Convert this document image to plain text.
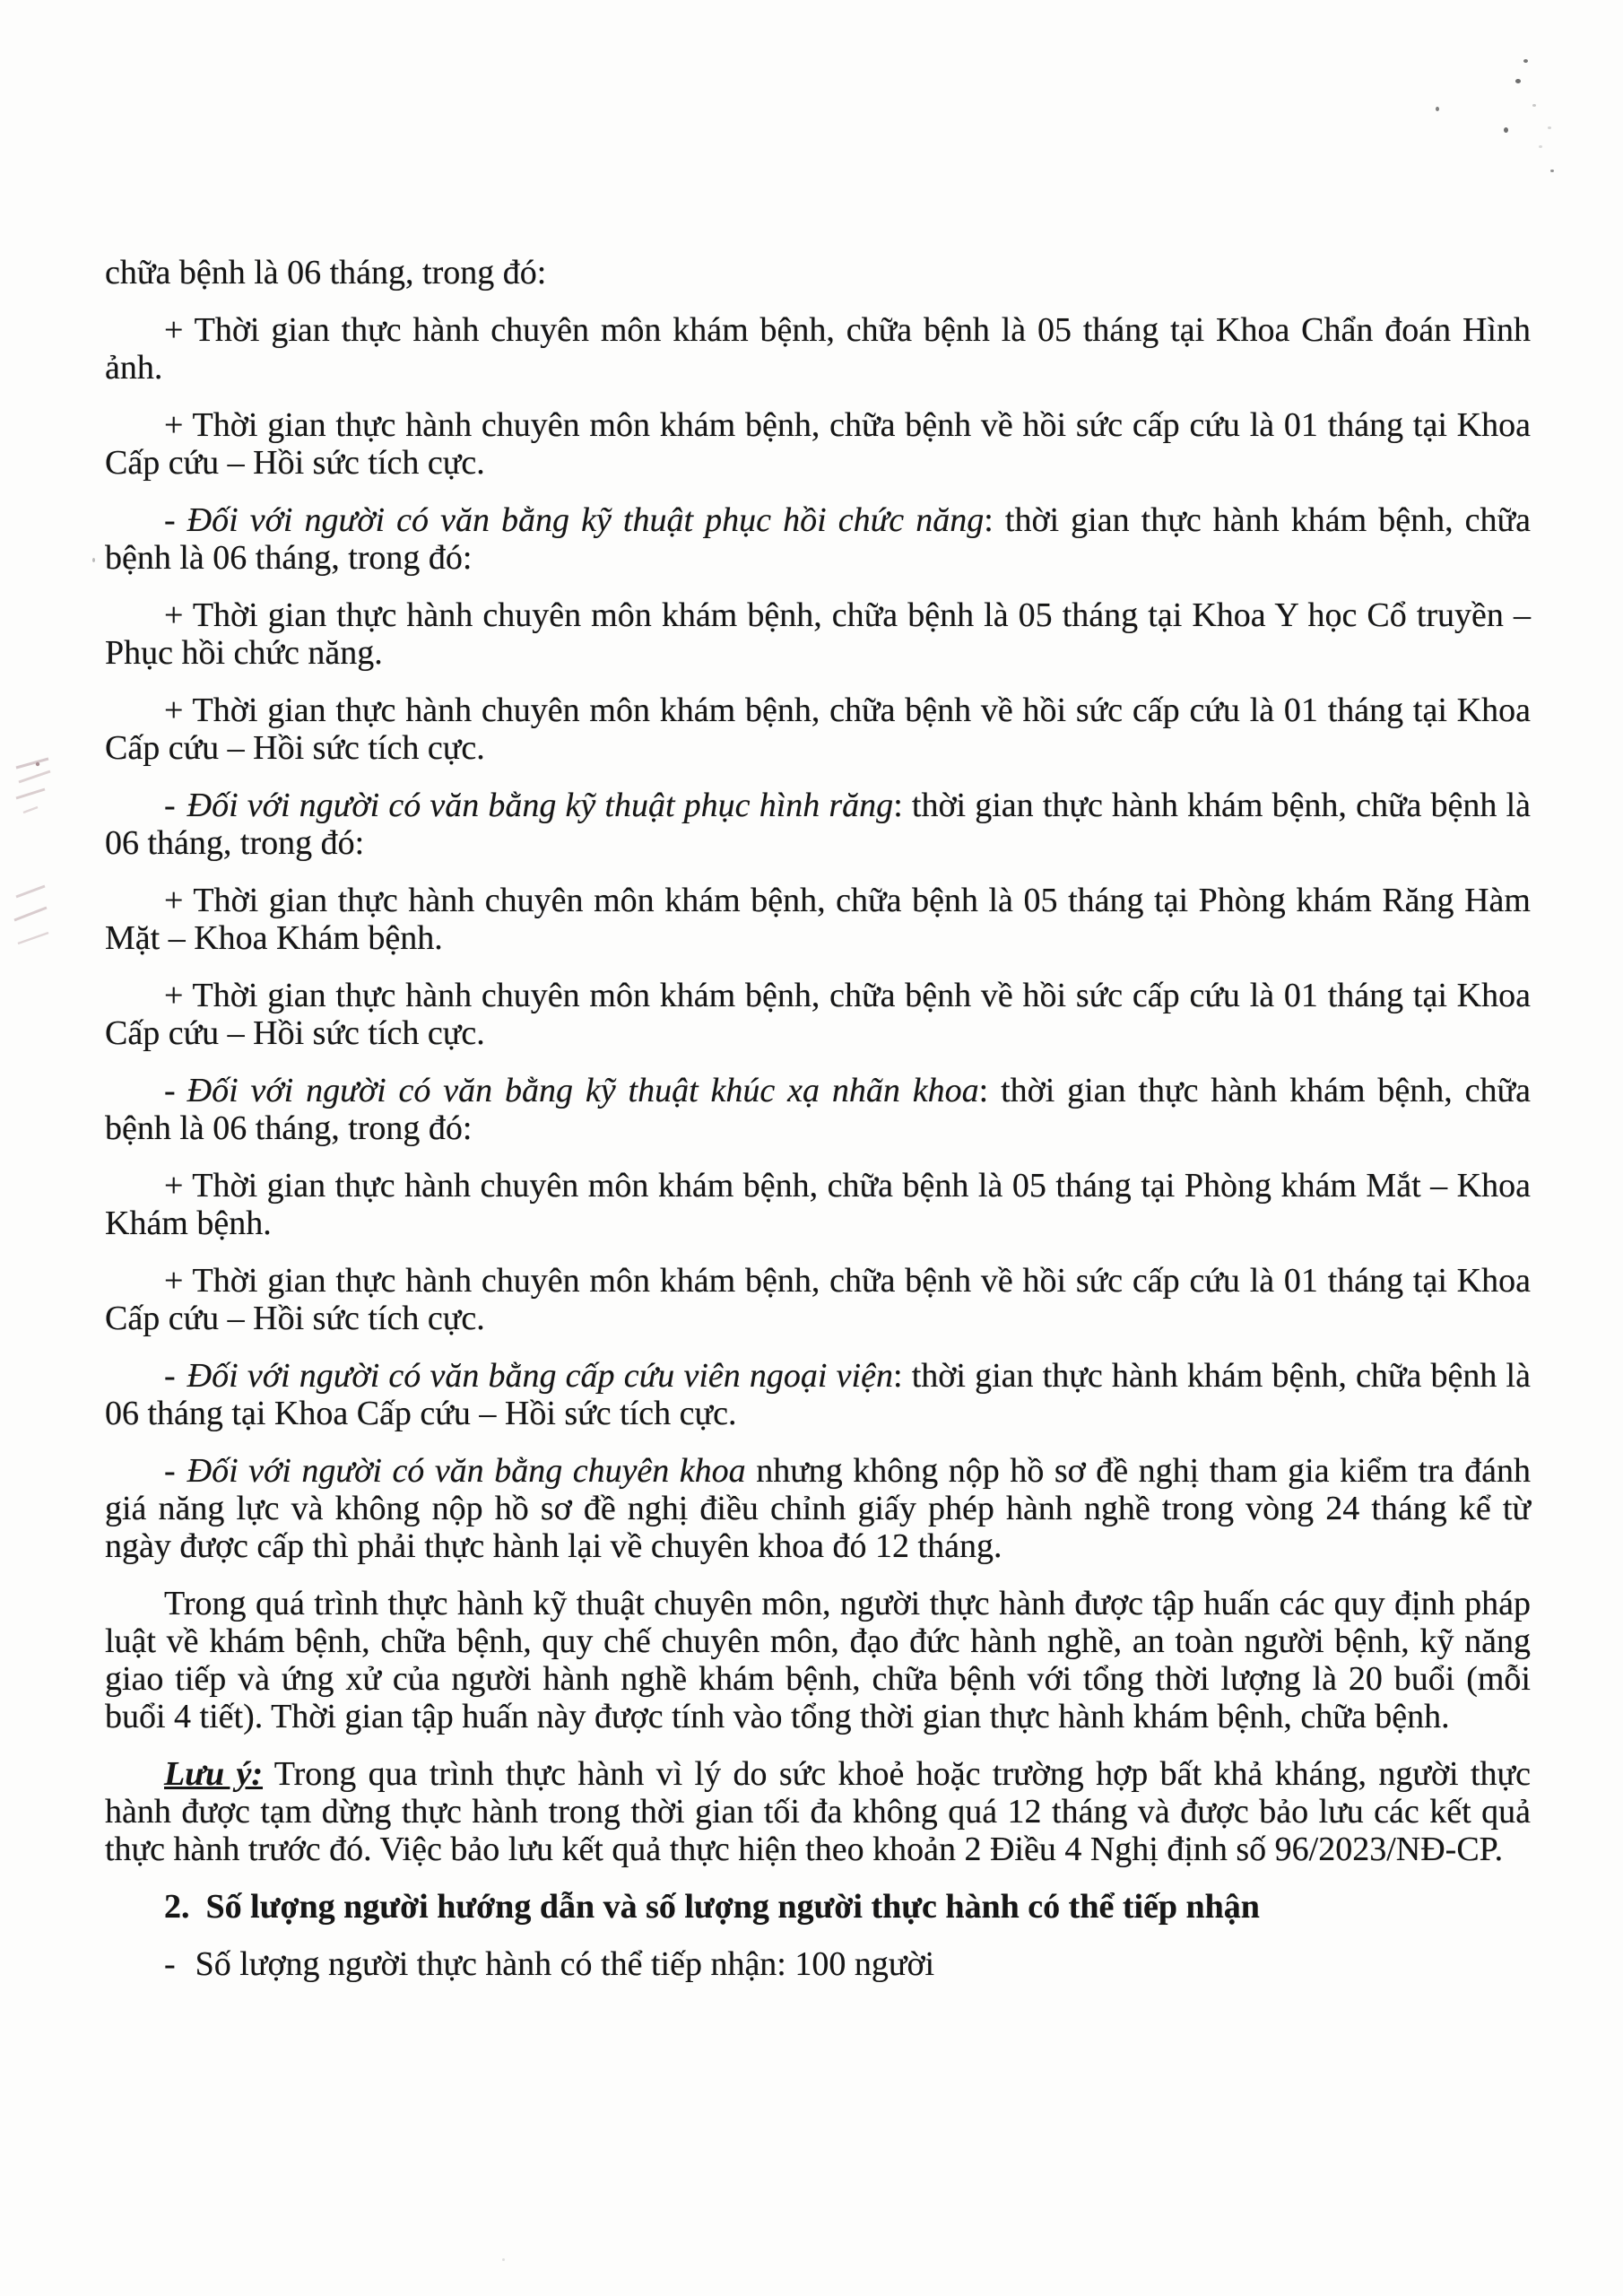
chữa bệnh là 06 tháng, trong đó:

+ Thời gian thực hành chuyên môn khám bệnh, chữa bệnh là 05 tháng tại Khoa Chẩn đoán Hình ảnh.

+ Thời gian thực hành chuyên môn khám bệnh, chữa bệnh về hồi sức cấp cứu là 01 tháng tại Khoa Cấp cứu – Hồi sức tích cực.

- Đối với người có văn bằng kỹ thuật phục hồi chức năng: thời gian thực hành khám bệnh, chữa bệnh là 06 tháng, trong đó:

+ Thời gian thực hành chuyên môn khám bệnh, chữa bệnh là 05 tháng tại Khoa Y học Cổ truyền – Phục hồi chức năng.

+ Thời gian thực hành chuyên môn khám bệnh, chữa bệnh về hồi sức cấp cứu là 01 tháng tại Khoa Cấp cứu – Hồi sức tích cực.

- Đối với người có văn bằng kỹ thuật phục hình răng: thời gian thực hành khám bệnh, chữa bệnh là 06 tháng, trong đó:

+ Thời gian thực hành chuyên môn khám bệnh, chữa bệnh là 05 tháng tại Phòng khám Răng Hàm Mặt – Khoa Khám bệnh.

+ Thời gian thực hành chuyên môn khám bệnh, chữa bệnh về hồi sức cấp cứu là 01 tháng tại Khoa Cấp cứu – Hồi sức tích cực.

- Đối với người có văn bằng kỹ thuật khúc xạ nhãn khoa: thời gian thực hành khám bệnh, chữa bệnh là 06 tháng, trong đó:

+ Thời gian thực hành chuyên môn khám bệnh, chữa bệnh là 05 tháng tại Phòng khám Mắt – Khoa Khám bệnh.

+ Thời gian thực hành chuyên môn khám bệnh, chữa bệnh về hồi sức cấp cứu là 01 tháng tại Khoa Cấp cứu – Hồi sức tích cực.

- Đối với người có văn bằng cấp cứu viên ngoại viện: thời gian thực hành khám bệnh, chữa bệnh là 06 tháng tại Khoa Cấp cứu – Hồi sức tích cực.

- Đối với người có văn bằng chuyên khoa nhưng không nộp hồ sơ đề nghị tham gia kiểm tra đánh giá năng lực và không nộp hồ sơ đề nghị điều chỉnh giấy phép hành nghề trong vòng 24 tháng kể từ ngày được cấp thì phải thực hành lại về chuyên khoa đó 12 tháng.

Trong quá trình thực hành kỹ thuật chuyên môn, người thực hành được tập huấn các quy định pháp luật về khám bệnh, chữa bệnh, quy chế chuyên môn, đạo đức hành nghề, an toàn người bệnh, kỹ năng giao tiếp và ứng xử của người hành nghề khám bệnh, chữa bệnh với tổng thời lượng là 20 buổi (mỗi buổi 4 tiết). Thời gian tập huấn này được tính vào tổng thời gian thực hành khám bệnh, chữa bệnh.

Lưu ý: Trong qua trình thực hành vì lý do sức khoẻ hoặc trường hợp bất khả kháng, người thực hành được tạm dừng thực hành trong thời gian tối đa không quá 12 tháng và được bảo lưu các kết quả thực hành trước đó. Việc bảo lưu kết quả thực hiện theo khoản 2 Điều 4 Nghị định số 96/2023/NĐ-CP.

2. Số lượng người hướng dẫn và số lượng người thực hành có thể tiếp nhận

- Số lượng người thực hành có thể tiếp nhận: 100 người
